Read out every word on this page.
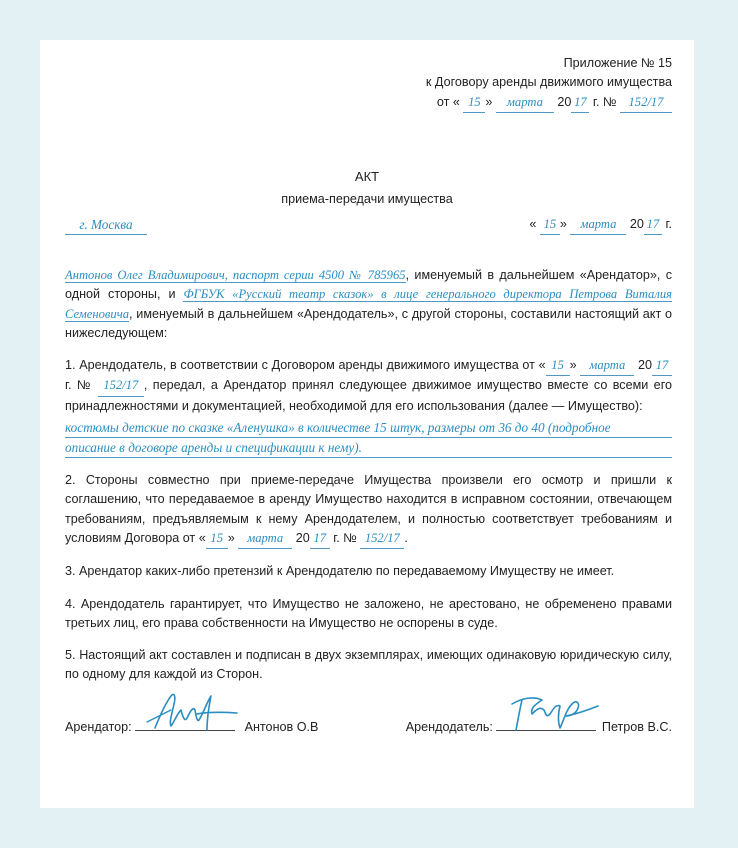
Приложение № 15
к Договору аренды движимого имущества
от « 15 » марта 20 17 г. № 152/17
АКТ
приема-передачи имущества
г. Москва	« 15 » марта 20 17 г.

Антонов Олег Владимирович, паспорт серии 4500 № 785965, именуемый в дальнейшем «Арендатор», с одной стороны, и ФГБУК «Русский театр сказок» в лице генерального директора Петрова Виталия Семеновича, именуемый в дальнейшем «Арендодатель», с другой стороны, составили настоящий акт о нижеследующем:

1. Арендодатель, в соответствии с Договором аренды движимого имущества от « 15 » марта 20 17 г. № 152/17 , передал, а Арендатор принял следующее движимое имущество вместе со всеми его принадлежностями и документацией, необходимой для его использования (далее — Имущество):

костюмы детские по сказке «Аленушка» в количестве 15 штук, размеры от 36 до 40 (подробное
описание в договоре аренды и спецификации к нему).

2. Стороны совместно при приеме-передаче Имущества произвели его осмотр и пришли к соглашению, что передаваемое в аренду Имущество находится в исправном состоянии, отвечающем требованиям, предъявляемым к нему Арендодателем, и полностью соответствует требованиям и условиям Договора от « 15 » марта 20 17 г. № 152/17 .

3. Арендатор каких-либо претензий к Арендодателю по передаваемому Имуществу не имеет.

4. Арендодатель гарантирует, что Имущество не заложено, не арестовано, не обременено правами третьих лиц, его права собственности на Имущество не оспорены в суде.

5. Настоящий акт составлен и подписан в двух экземплярах, имеющих одинаковую юридическую силу, по одному для каждой из Сторон.

Арендатор:	Антонов О.В	Арендодатель:	Петров В.С.
